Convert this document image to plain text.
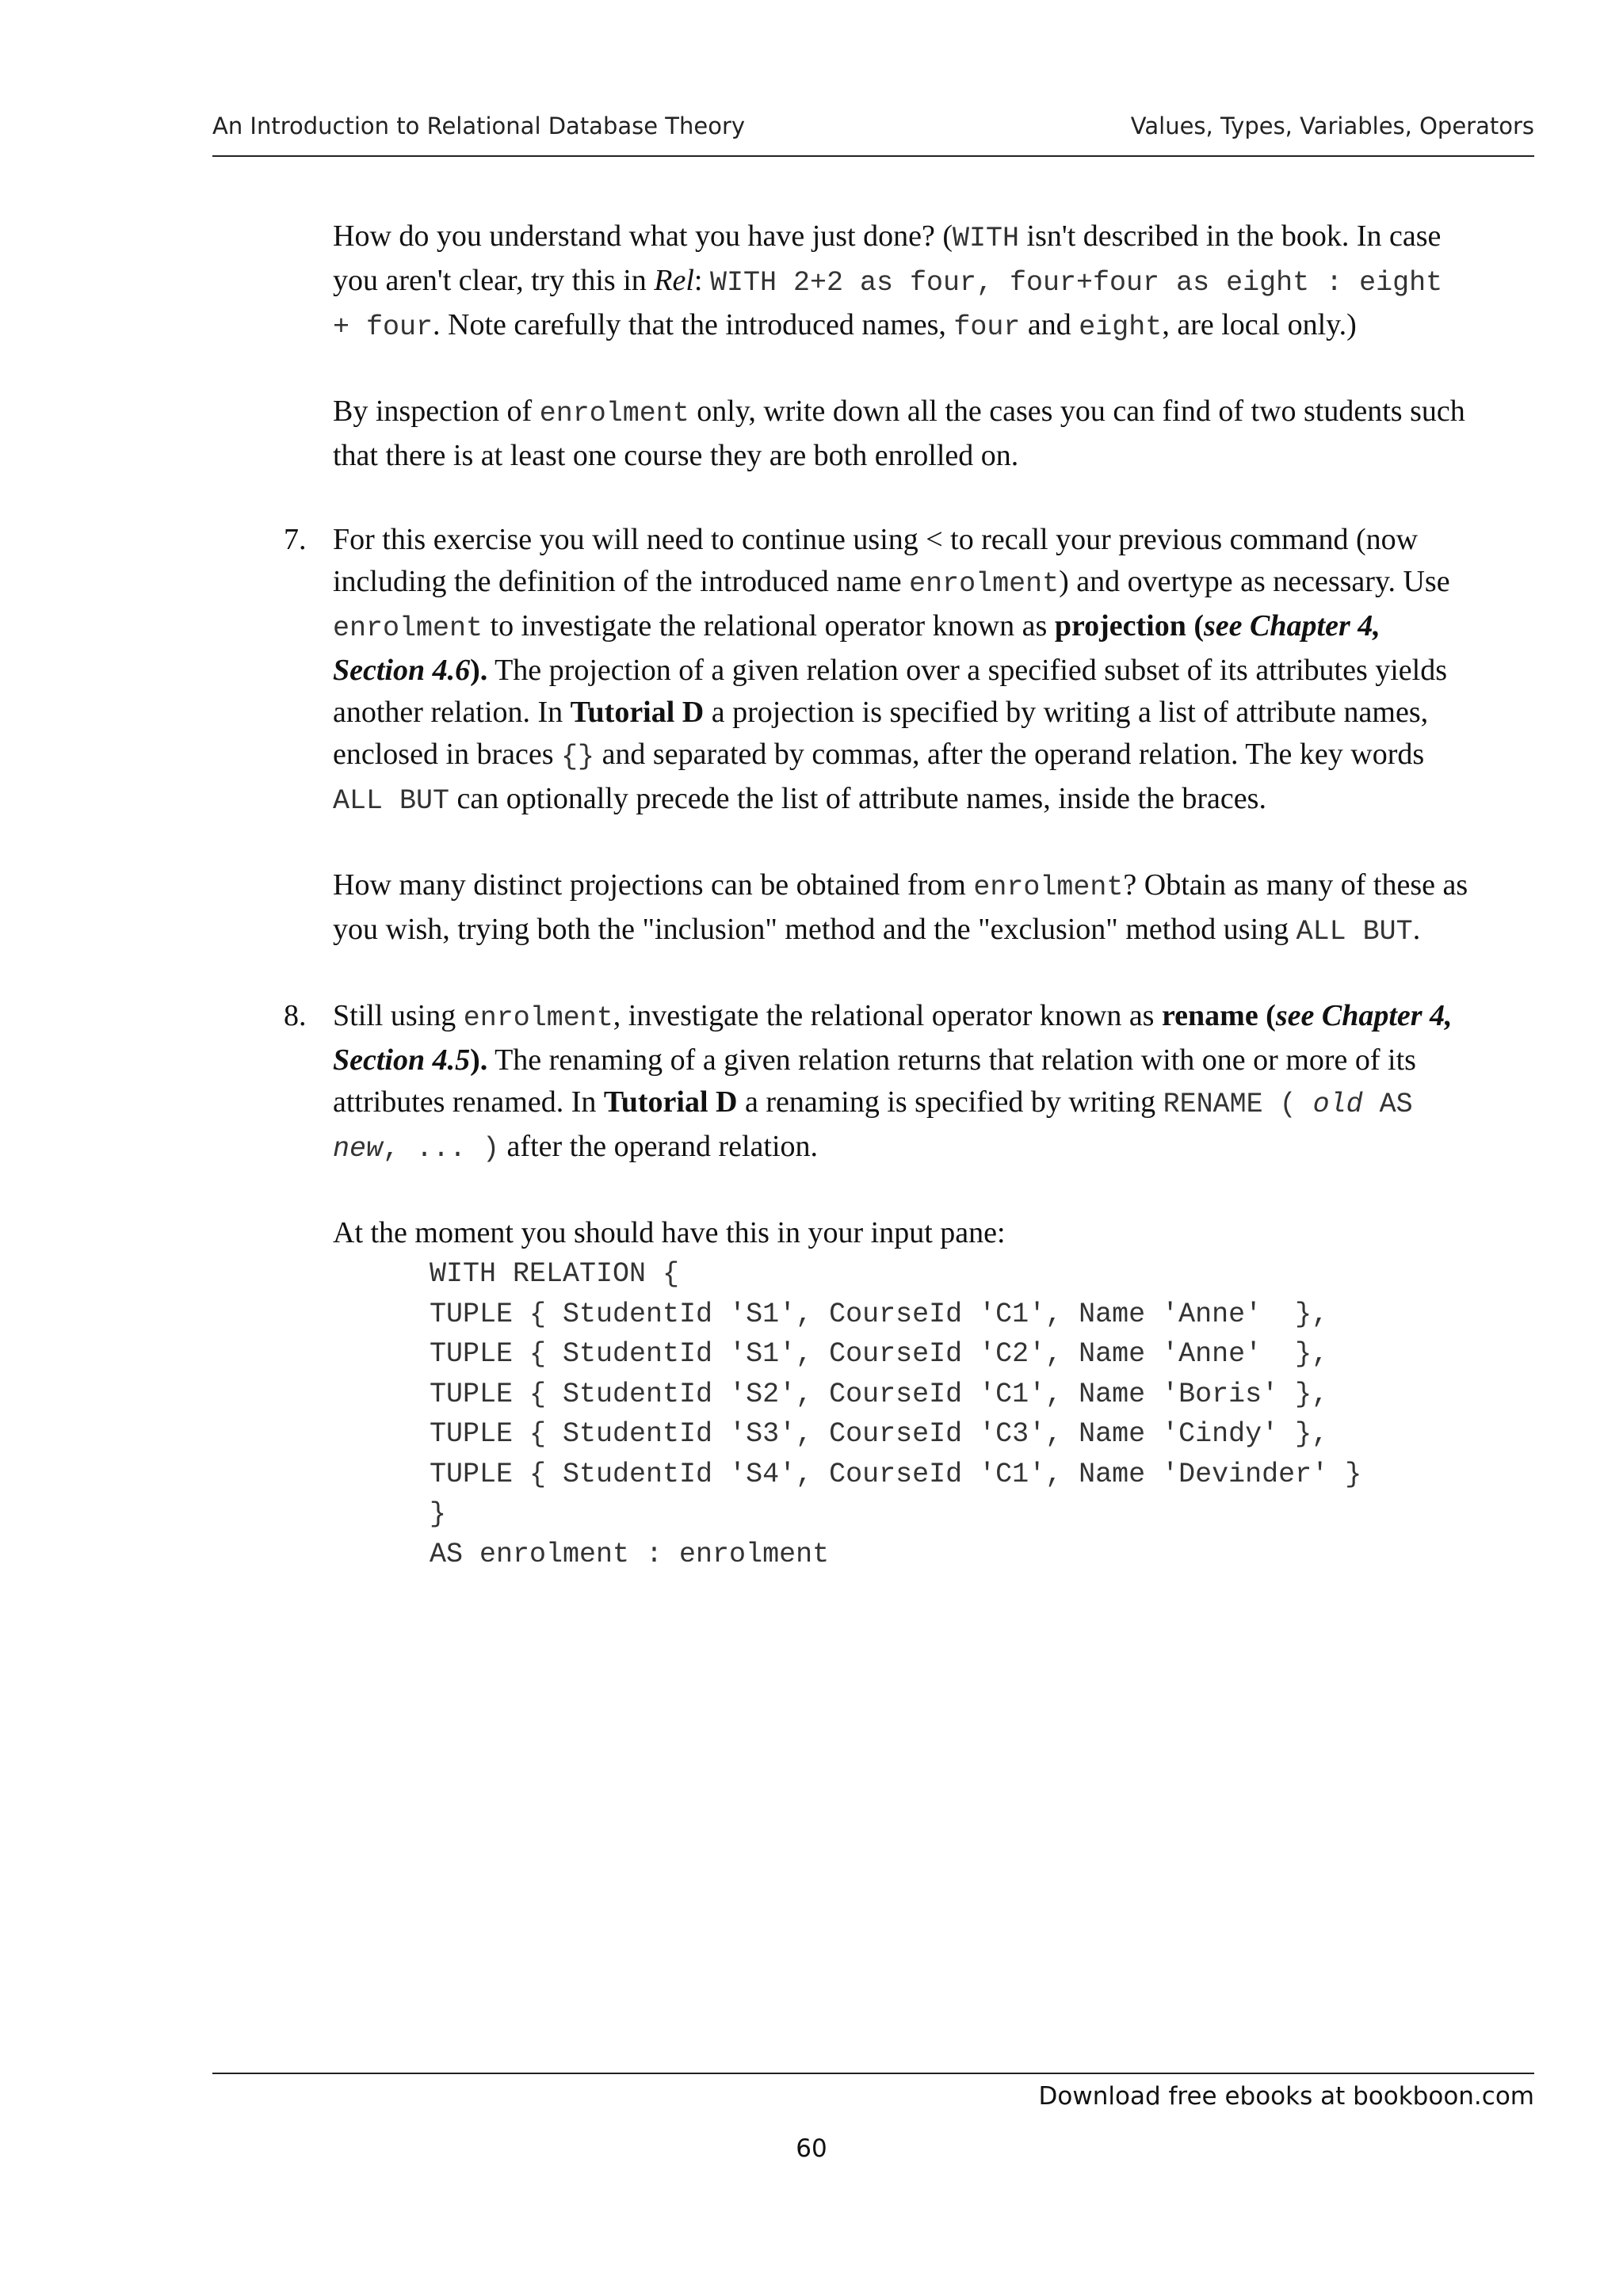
An Introduction to Relational Database Theory	Values, Types, Variables, Operators

How do you understand what you have just done? (WITH isn't described in the book. In case you aren't clear, try this in Rel: WITH 2+2 as four, four+four as eight : eight + four. Note carefully that the introduced names, four and eight, are local only.)

By inspection of enrolment only, write down all the cases you can find of two students such that there is at least one course they are both enrolled on.

7. For this exercise you will need to continue using < to recall your previous command (now including the definition of the introduced name enrolment) and overtype as necessary. Use enrolment to investigate the relational operator known as projection (see Chapter 4, Section 4.6). The projection of a given relation over a specified subset of its attributes yields another relation. In Tutorial D a projection is specified by writing a list of attribute names, enclosed in braces {} and separated by commas, after the operand relation. The key words ALL BUT can optionally precede the list of attribute names, inside the braces.

How many distinct projections can be obtained from enrolment? Obtain as many of these as you wish, trying both the "inclusion" method and the "exclusion" method using ALL BUT.

8. Still using enrolment, investigate the relational operator known as rename (see Chapter 4, Section 4.5). The renaming of a given relation returns that relation with one or more of its attributes renamed. In Tutorial D a renaming is specified by writing RENAME ( old AS new, ... ) after the operand relation.

At the moment you should have this in your input pane:

WITH RELATION {
TUPLE { StudentId 'S1', CourseId 'C1', Name 'Anne'  },
TUPLE { StudentId 'S1', CourseId 'C2', Name 'Anne'  },
TUPLE { StudentId 'S2', CourseId 'C1', Name 'Boris' },
TUPLE { StudentId 'S3', CourseId 'C3', Name 'Cindy' },
TUPLE { StudentId 'S4', CourseId 'C1', Name 'Devinder' }
}
AS enrolment : enrolment
Download free ebooks at bookboon.com
60
